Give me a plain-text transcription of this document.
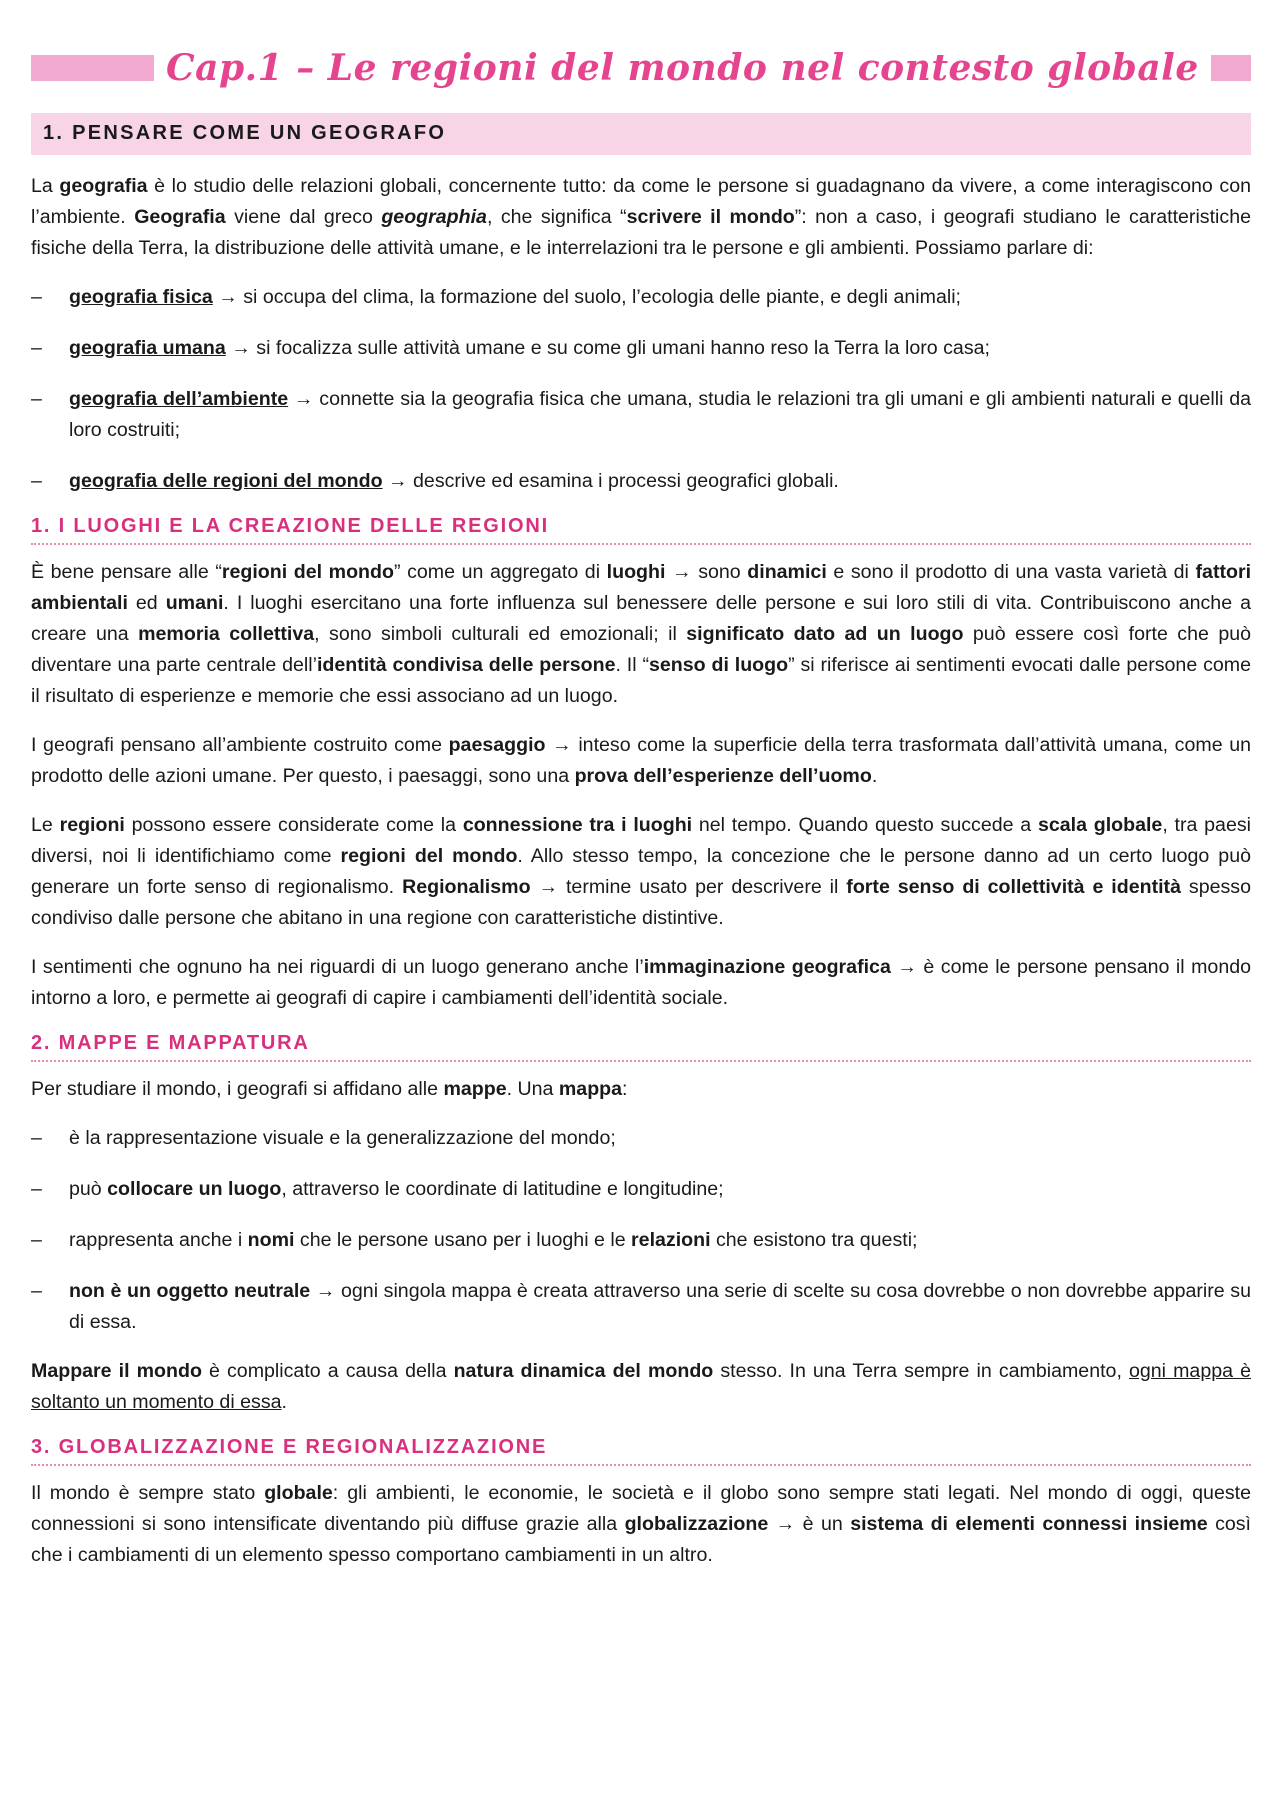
Cap.1 – Le regioni del mondo nel contesto globale
1. PENSARE COME UN GEOGRAFO

La geografia è lo studio delle relazioni globali, concernente tutto: da come le persone si guadagnano da vivere, a come interagiscono con l’ambiente. Geografia viene dal greco geographia, che significa “scrivere il mondo”: non a caso, i geografi studiano le caratteristiche fisiche della Terra, la distribuzione delle attività umane, e le interrelazioni tra le persone e gli ambienti. Possiamo parlare di:

– geografia fisica → si occupa del clima, la formazione del suolo, l’ecologia delle piante, e degli animali;
– geografia umana → si focalizza sulle attività umane e su come gli umani hanno reso la Terra la loro casa;
– geografia dell’ambiente → connette sia la geografia fisica che umana, studia le relazioni tra gli umani e gli ambienti naturali e quelli da loro costruiti;
– geografia delle regioni del mondo → descrive ed esamina i processi geografici globali.
1. I LUOGHI E LA CREAZIONE DELLE REGIONI

È bene pensare alle “regioni del mondo” come un aggregato di luoghi → sono dinamici e sono il prodotto di una vasta varietà di fattori ambientali ed umani. I luoghi esercitano una forte influenza sul benessere delle persone e sui loro stili di vita. Contribuiscono anche a creare una memoria collettiva, sono simboli culturali ed emozionali; il significato dato ad un luogo può essere così forte che può diventare una parte centrale dell’identità condivisa delle persone. Il “senso di luogo” si riferisce ai sentimenti evocati dalle persone come il risultato di esperienze e memorie che essi associano ad un luogo.

I geografi pensano all’ambiente costruito come paesaggio → inteso come la superficie della terra trasformata dall’attività umana, come un prodotto delle azioni umane. Per questo, i paesaggi, sono una prova dell’esperienze dell’uomo.

Le regioni possono essere considerate come la connessione tra i luoghi nel tempo. Quando questo succede a scala globale, tra paesi diversi, noi li identifichiamo come regioni del mondo. Allo stesso tempo, la concezione che le persone danno ad un certo luogo può generare un forte senso di regionalismo. Regionalismo → termine usato per descrivere il forte senso di collettività e identità spesso condiviso dalle persone che abitano in una regione con caratteristiche distintive.

I sentimenti che ognuno ha nei riguardi di un luogo generano anche l’immaginazione geografica → è come le persone pensano il mondo intorno a loro, e permette ai geografi di capire i cambiamenti dell’identità sociale.

2. MAPPE E MAPPATURA

Per studiare il mondo, i geografi si affidano alle mappe. Una mappa:

– è la rappresentazione visuale e la generalizzazione del mondo;
– può collocare un luogo, attraverso le coordinate di latitudine e longitudine;
– rappresenta anche i nomi che le persone usano per i luoghi e le relazioni che esistono tra questi;
– non è un oggetto neutrale → ogni singola mappa è creata attraverso una serie di scelte su cosa dovrebbe o non dovrebbe apparire su di essa.

Mappare il mondo è complicato a causa della natura dinamica del mondo stesso. In una Terra sempre in cambiamento, ogni mappa è soltanto un momento di essa.

3. GLOBALIZZAZIONE E REGIONALIZZAZIONE

Il mondo è sempre stato globale: gli ambienti, le economie, le società e il globo sono sempre stati legati. Nel mondo di oggi, queste connessioni si sono intensificate diventando più diffuse grazie alla globalizzazione → è un sistema di elementi connessi insieme così che i cambiamenti di un elemento spesso comportano cambiamenti in un altro.
